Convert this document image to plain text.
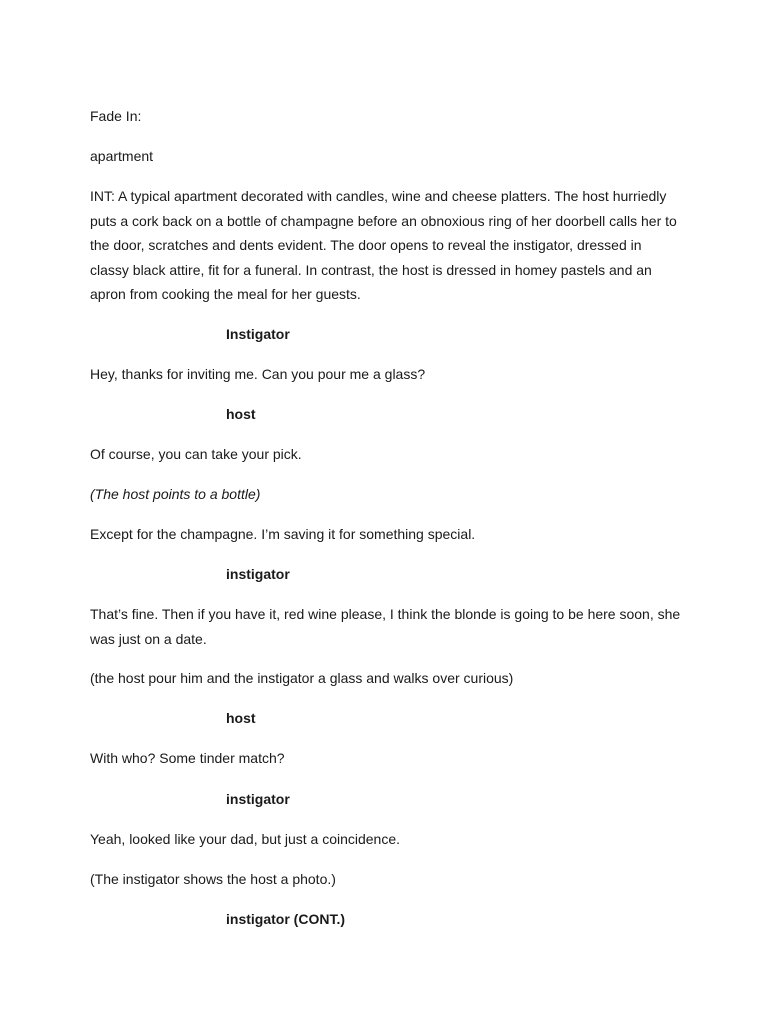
Fade In:
apartment
INT: A typical apartment decorated with candles, wine and cheese platters. The host hurriedly
puts a cork back on a bottle of champagne before an obnoxious ring of her doorbell calls her to
the door, scratches and dents evident. The door opens to reveal the instigator, dressed in
classy black attire, fit for a funeral. In contrast, the host is dressed in homey pastels and an
apron from cooking the meal for her guests.
Instigator
Hey, thanks for inviting me. Can you pour me a glass?
host
Of course, you can take your pick.
(The host points to a bottle)
Except for the champagne. I’m saving it for something special.
instigator
That’s fine. Then if you have it, red wine please, I think the blonde is going to be here soon, she
was just on a date.
(the host pour him and the instigator a glass and walks over curious)
host
With who? Some tinder match?
instigator
Yeah, looked like your dad, but just a coincidence.
(The instigator shows the host a photo.)
instigator (CONT.)
